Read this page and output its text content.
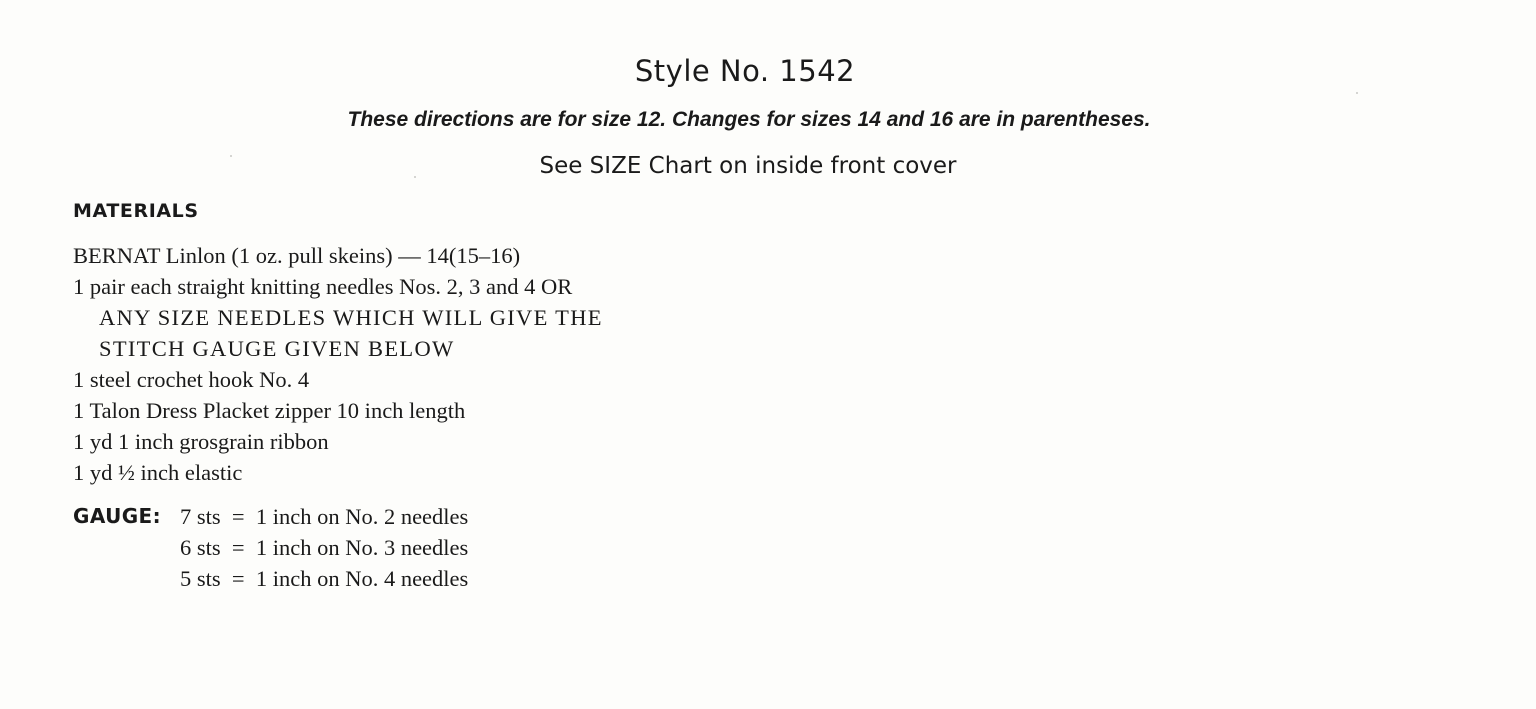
Style No. 1542

These directions are for size 12. Changes for sizes 14 and 16 are in parentheses.

See SIZE Chart on inside front cover

MATERIALS
BERNAT Linlon (1 oz. pull skeins) — 14(15–16)
1 pair each straight knitting needles Nos. 2, 3 and 4 OR
ANY SIZE NEEDLES WHICH WILL GIVE THE
STITCH GAUGE GIVEN BELOW
1 steel crochet hook No. 4
1 Talon Dress Placket zipper 10 inch length
1 yd 1 inch grosgrain ribbon
1 yd ½ inch elastic
GAUGE: 7 sts  =  1 inch on No. 2 needles
6 sts  =  1 inch on No. 3 needles
5 sts  =  1 inch on No. 4 needles
